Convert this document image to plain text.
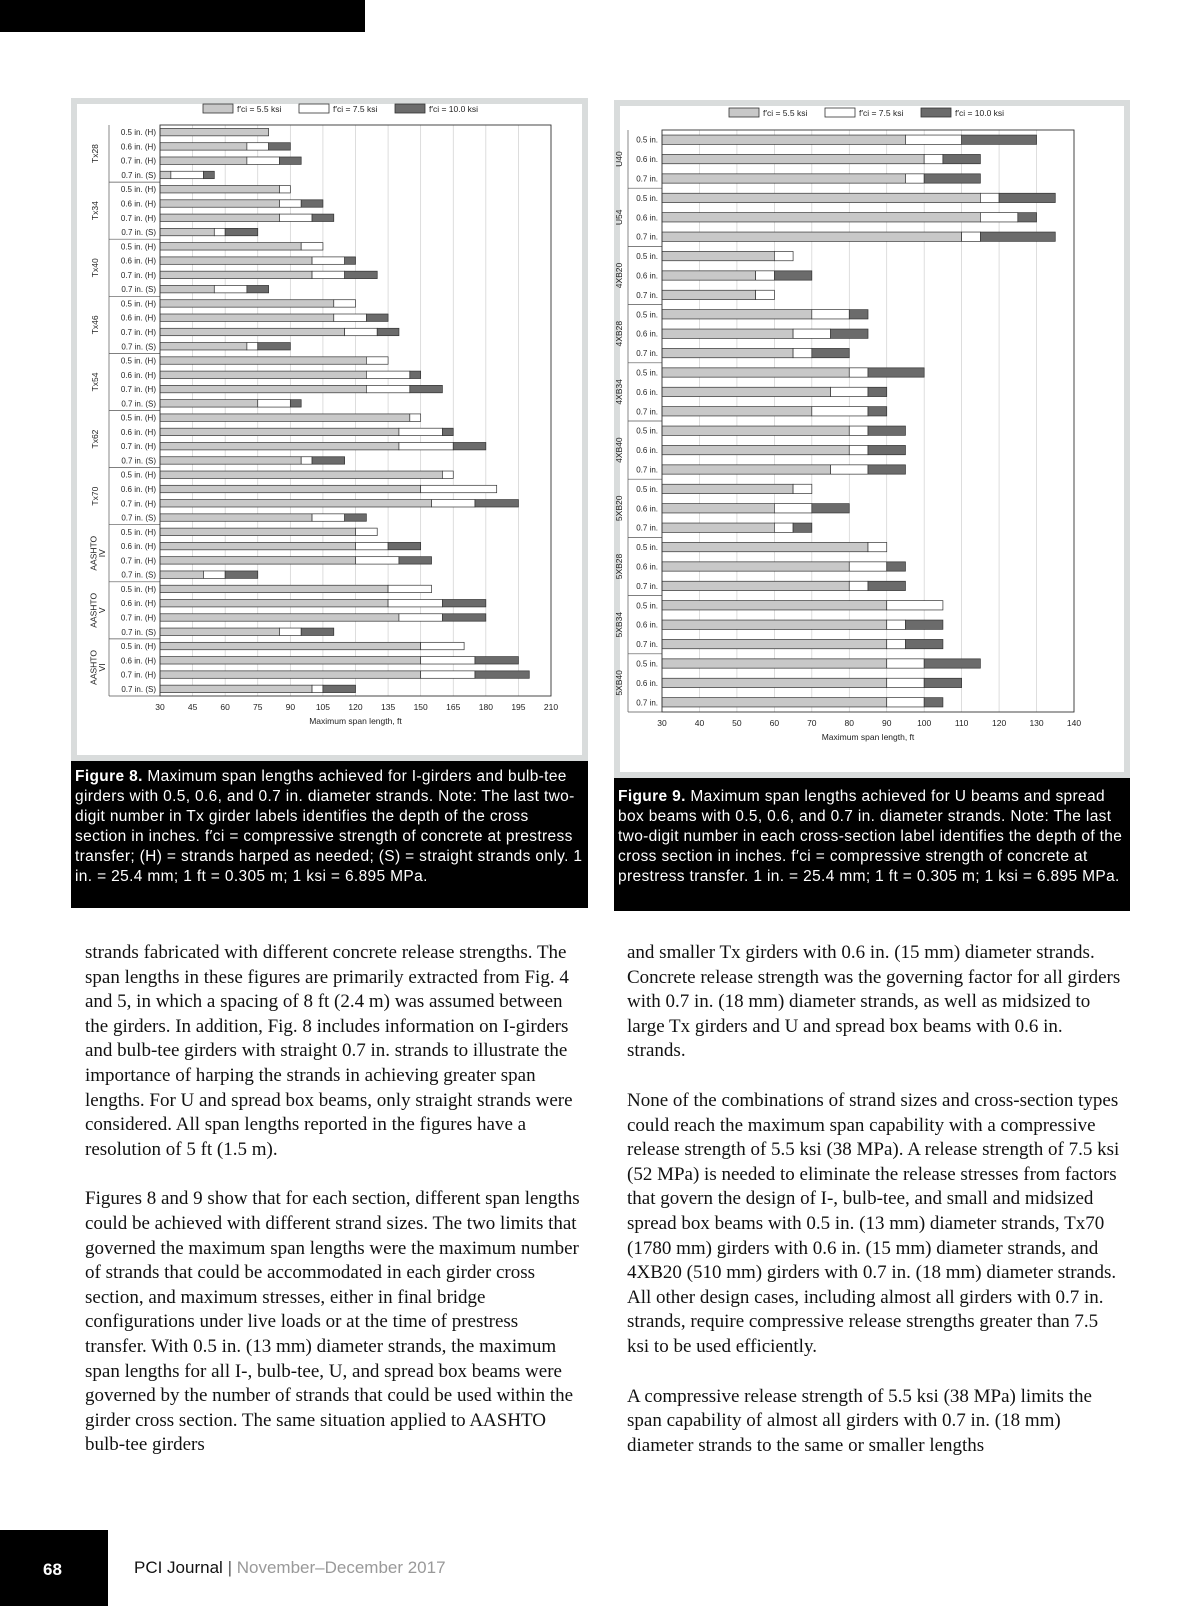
f′ci = 5.5 ksi	f′ci = 7.5 ksi	f′ci = 10.0 ksi
0.5 in. (H)
0.6 in. (H)
0.7 in. (H)
0.7 in. (S)
Tx28
0.5 in. (H)
0.6 in. (H)
0.7 in. (H)
0.7 in. (S)
Tx34
0.5 in. (H)
0.6 in. (H)
0.7 in. (H)
0.7 in. (S)
Tx40
0.5 in. (H)
0.6 in. (H)
0.7 in. (H)
0.7 in. (S)
Tx46
0.5 in. (H)
0.6 in. (H)
0.7 in. (H)
0.7 in. (S)
Tx54
0.5 in. (H)
0.6 in. (H)
0.7 in. (H)
0.7 in. (S)
Tx62
0.5 in. (H)
0.6 in. (H)
0.7 in. (H)
0.7 in. (S)
Tx70
0.5 in. (H)
0.6 in. (H)
0.7 in. (H)
0.7 in. (S)
AASHTOIV
0.5 in. (H)
0.6 in. (H)
0.7 in. (H)
0.7 in. (S)
AASHTOV
0.5 in. (H)
0.6 in. (H)
0.7 in. (H)
0.7 in. (S)
AASHTOVI
30	45	60	75	90 105 120 135 150 165 180 195 210
Maximum span length, ft
Figure 8. Maximum span lengths achieved for I-girders and bulb-tee girders with 0.5, 0.6, and 0.7 in. diameter strands. Note: The last two-digit number in Tx girder labels identifies the depth of the cross section in inches. f′ci = compressive strength of concrete at prestress transfer; (H) = strands harped as needed; (S) = straight strands only. 1 in. = 25.4 mm; 1 ft = 0.305 m; 1 ksi = 6.895 MPa.
f′ci = 5.5 ksi	f′ci = 7.5 ksi	f′ci = 10.0 ksi
0.5 in.
0.6 in.
0.7 in.
U40
0.5 in.
0.6 in.
0.7 in.
U54
0.5 in.
0.6 in.
0.7 in.
4XB20
0.5 in.
0.6 in.
0.7 in.
4XB28
0.5 in.
0.6 in.
0.7 in.
4XB34
0.5 in.
0.6 in.
0.7 in.
4XB40
0.5 in.
0.6 in.
0.7 in.
5XB20
0.5 in.
0.6 in.
0.7 in.
5XB28
0.5 in.
0.6 in.
0.7 in.
5XB34
0.5 in.
0.6 in.
0.7 in.
5XB40
30	40	50	60	70	80	90	100	110	120	130	140
Maximum span length, ft
Figure 9. Maximum span lengths achieved for U beams and spread box beams with 0.5, 0.6, and 0.7 in. diameter strands. Note: The last two-digit number in each cross-section label identifies the depth of the cross section in inches. f′ci = compressive strength of concrete at prestress transfer. 1 in. = 25.4 mm; 1 ft = 0.305 m; 1 ksi = 6.895 MPa.

strands fabricated with different concrete release strengths. The span lengths in these figures are primarily extracted from Fig. 4 and 5, in which a spacing of 8 ft (2.4 m) was assumed between the girders. In addition, Fig. 8 includes information on I-girders and bulb-tee girders with straight 0.7 in. strands to illustrate the importance of harping the strands in achieving greater span lengths. For U and spread box beams, only straight strands were considered. All span lengths reported in the figures have a resolution of 5 ft (1.5 m).

Figures 8 and 9 show that for each section, different span lengths could be achieved with different strand sizes. The two limits that governed the maximum span lengths were the maximum number of strands that could be accommodated in each girder cross section, and maximum stresses, either in final bridge configurations under live loads or at the time of prestress transfer. With 0.5 in. (13 mm) diameter strands, the maximum span lengths for all I-, bulb-tee, U, and spread box beams were governed by the number of strands that could be used within the girder cross section. The same situation applied to AASHTO bulb-tee girders

and smaller Tx girders with 0.6 in. (15 mm) diameter strands. Concrete release strength was the governing factor for all girders with 0.7 in. (18 mm) diameter strands, as well as midsized to large Tx girders and U and spread box beams with 0.6 in. strands.

None of the combinations of strand sizes and cross-section types could reach the maximum span capability with a compressive release strength of 5.5 ksi (38 MPa). A release strength of 7.5 ksi (52 MPa) is needed to eliminate the release stresses from factors that govern the design of I-, bulb-tee, and small and midsized spread box beams with 0.5 in. (13 mm) diameter strands, Tx70 (1780 mm) girders with 0.6 in. (15 mm) diameter strands, and 4XB20 (510 mm) girders with 0.7 in. (18 mm) diameter strands. All other design cases, including almost all girders with 0.7 in. strands, require compressive release strengths greater than 7.5 ksi to be used efficiently.

A compressive release strength of 5.5 ksi (38 MPa) limits the span capability of almost all girders with 0.7 in. (18 mm) diameter strands to the same or smaller lengths

68	PCI Journal | November–December 2017
